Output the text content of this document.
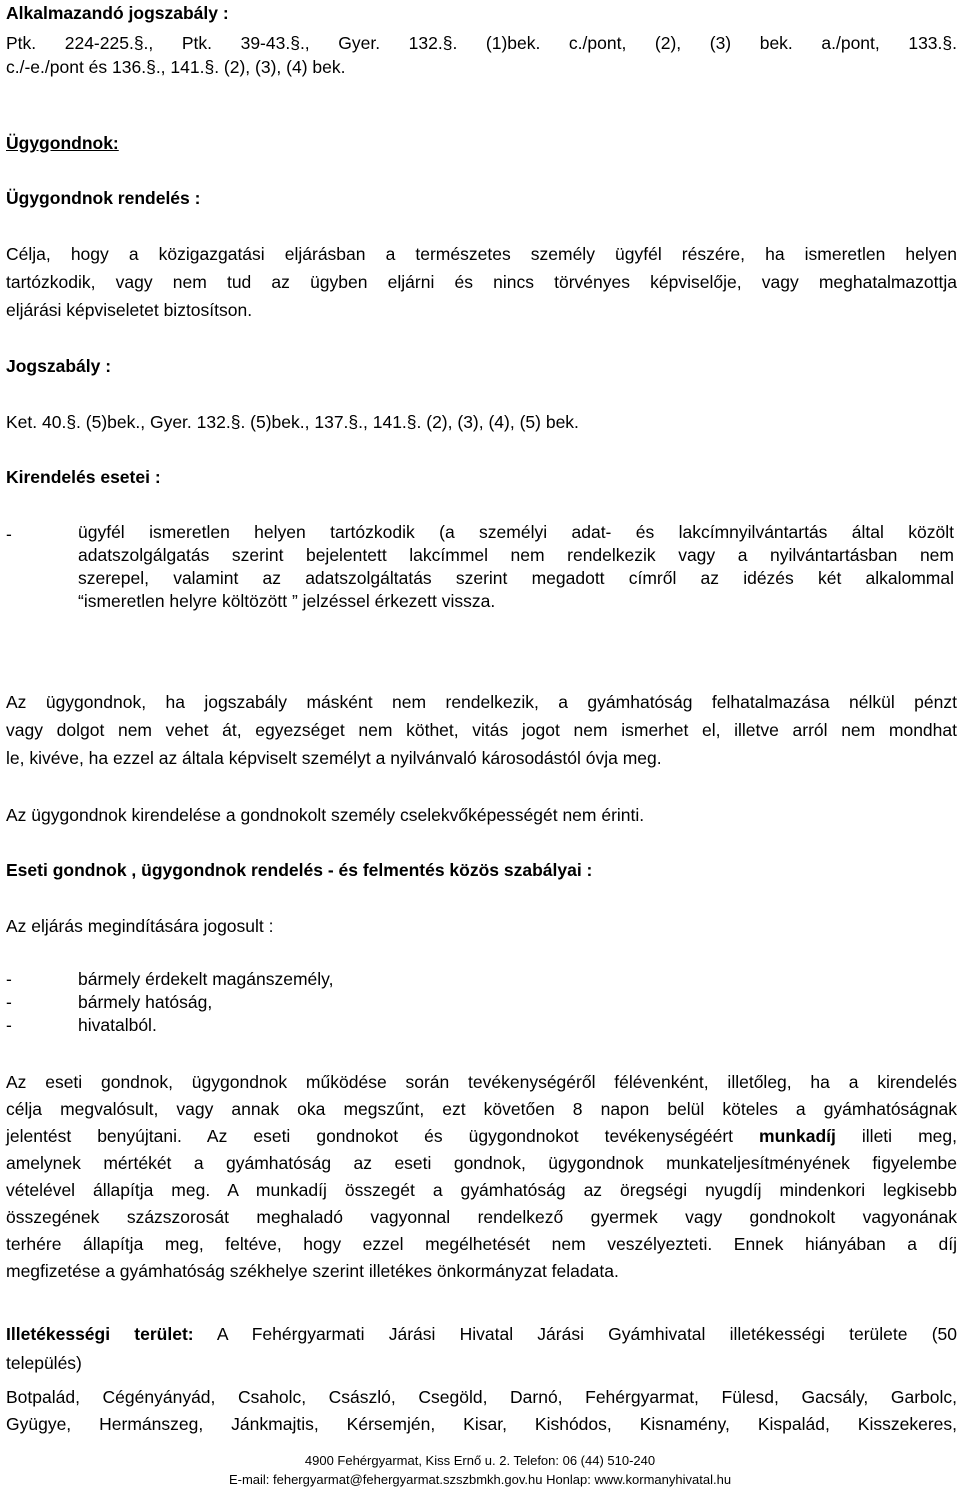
Alkalmazandó jogszabály :
Ptk. 224-225.§., Ptk. 39-43.§., Gyer. 132.§. (1)bek. c./pont, (2), (3) bek. a./pont, 133.§.
c./-e./pont és 136.§., 141.§. (2), (3), (4) bek.
Ügygondnok:
Ügygondnok rendelés :
Célja, hogy a közigazgatási eljárásban a természetes személy ügyfél részére, ha ismeretlen helyen
tartózkodik, vagy nem tud az ügyben eljárni és nincs törvényes képviselője, vagy meghatalmazottja
eljárási képviseletet biztosítson.
Jogszabály :
Ket. 40.§. (5)bek., Gyer. 132.§. (5)bek., 137.§., 141.§. (2), (3), (4), (5) bek.
Kirendelés esetei :
-	ügyfél ismeretlen helyen tartózkodik (a személyi adat- és lakcímnyilvántartás által közölt
adatszolgálgatás szerint bejelentett lakcímmel nem rendelkezik vagy a nyilvántartásban nem
szerepel, valamint az adatszolgáltatás szerint megadott címről az idézés két alkalommal
“ismeretlen helyre költözött ” jelzéssel érkezett vissza.
Az ügygondnok, ha jogszabály másként nem rendelkezik, a gyámhatóság felhatalmazása nélkül pénzt
vagy dolgot nem vehet át, egyezséget nem köthet, vitás jogot nem ismerhet el, illetve arról nem mondhat
le, kivéve, ha ezzel az általa képviselt személyt a nyilvánvaló károsodástól óvja meg.
Az ügygondnok kirendelése a gondnokolt személy cselekvőképességét nem érinti.
Eseti gondnok , ügygondnok rendelés - és felmentés közös szabályai :
Az eljárás megindítására jogosult :
-	bármely érdekelt magánszemély,
-	bármely hatóság,
-	hivatalból.
Az eseti gondnok, ügygondnok működése során tevékenységéről félévenként, illetőleg, ha a kirendelés
célja megvalósult, vagy annak oka megszűnt, ezt követően 8 napon belül köteles a gyámhatóságnak
jelentést benyújtani. Az eseti gondnokot és ügygondnokot tevékenységéért munkadíj illeti meg,
amelynek mértékét a gyámhatóság az eseti gondnok, ügygondnok munkateljesítményének figyelembe
vételével állapítja meg. A munkadíj összegét a gyámhatóság az öregségi nyugdíj mindenkori legkisebb
összegének százszorosát meghaladó vagyonnal rendelkező gyermek vagy gondnokolt vagyonának
terhére állapítja meg, feltéve, hogy ezzel megélhetését nem veszélyezteti. Ennek hiányában a díj
megfizetése a gyámhatóság székhelye szerint illetékes önkormányzat feladata.
Illetékességi terület: A Fehérgyarmati Járási Hivatal Járási Gyámhivatal illetékességi területe (50
település)
Botpalád, Cégényányád, Csaholc, Császló, Csegöld, Darnó, Fehérgyarmat, Fülesd, Gacsály, Garbolc,
Gyügye, Hermánszeg, Jánkmajtis, Kérsemjén, Kisar, Kishódos, Kisnamény, Kispalád, Kisszekeres,
4900 Fehérgyarmat, Kiss Ernő u. 2. Telefon: 06 (44) 510-240
E-mail: fehergyarmat@fehergyarmat.szszbmkh.gov.hu Honlap: www.kormanyhivatal.hu
